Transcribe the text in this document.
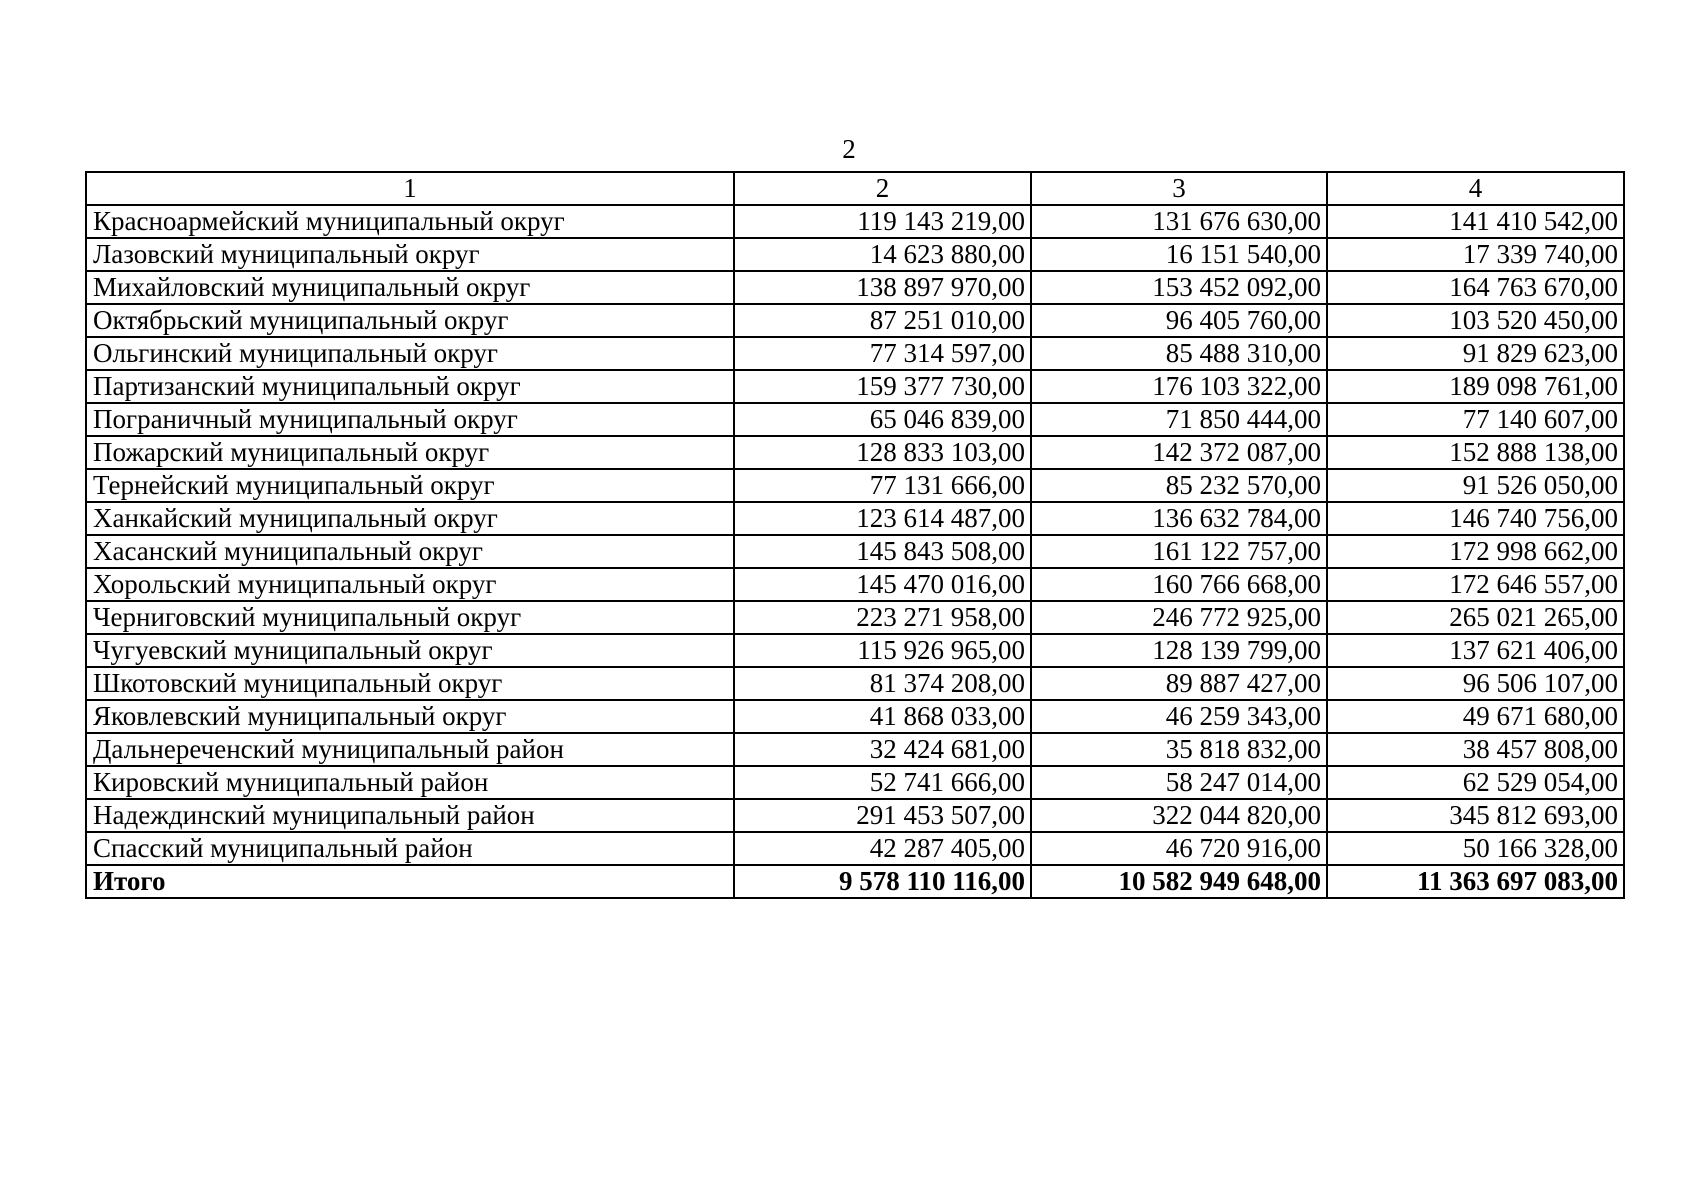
2
1	2	3	4
Красноармейский муниципальный округ	119 143 219,00	131 676 630,00	141 410 542,00
Лазовский муниципальный округ	14 623 880,00	16 151 540,00	17 339 740,00
Михайловский муниципальный округ	138 897 970,00	153 452 092,00	164 763 670,00
Октябрьский муниципальный округ	87 251 010,00	96 405 760,00	103 520 450,00
Ольгинский муниципальный округ	77 314 597,00	85 488 310,00	91 829 623,00
Партизанский муниципальный округ	159 377 730,00	176 103 322,00	189 098 761,00
Пограничный муниципальный округ	65 046 839,00	71 850 444,00	77 140 607,00
Пожарский муниципальный округ	128 833 103,00	142 372 087,00	152 888 138,00
Тернейский муниципальный округ	77 131 666,00	85 232 570,00	91 526 050,00
Ханкайский муниципальный округ	123 614 487,00	136 632 784,00	146 740 756,00
Хасанский муниципальный округ	145 843 508,00	161 122 757,00	172 998 662,00
Хорольский муниципальный округ	145 470 016,00	160 766 668,00	172 646 557,00
Черниговский муниципальный округ	223 271 958,00	246 772 925,00	265 021 265,00
Чугуевский муниципальный округ	115 926 965,00	128 139 799,00	137 621 406,00
Шкотовский муниципальный округ	81 374 208,00	89 887 427,00	96 506 107,00
Яковлевский муниципальный округ	41 868 033,00	46 259 343,00	49 671 680,00
Дальнереченский муниципальный район	32 424 681,00	35 818 832,00	38 457 808,00
Кировский муниципальный район	52 741 666,00	58 247 014,00	62 529 054,00
Надеждинский муниципальный район	291 453 507,00	322 044 820,00	345 812 693,00
Спасский муниципальный район	42 287 405,00	46 720 916,00	50 166 328,00
Итого	9 578 110 116,00	10 582 949 648,00	11 363 697 083,00
